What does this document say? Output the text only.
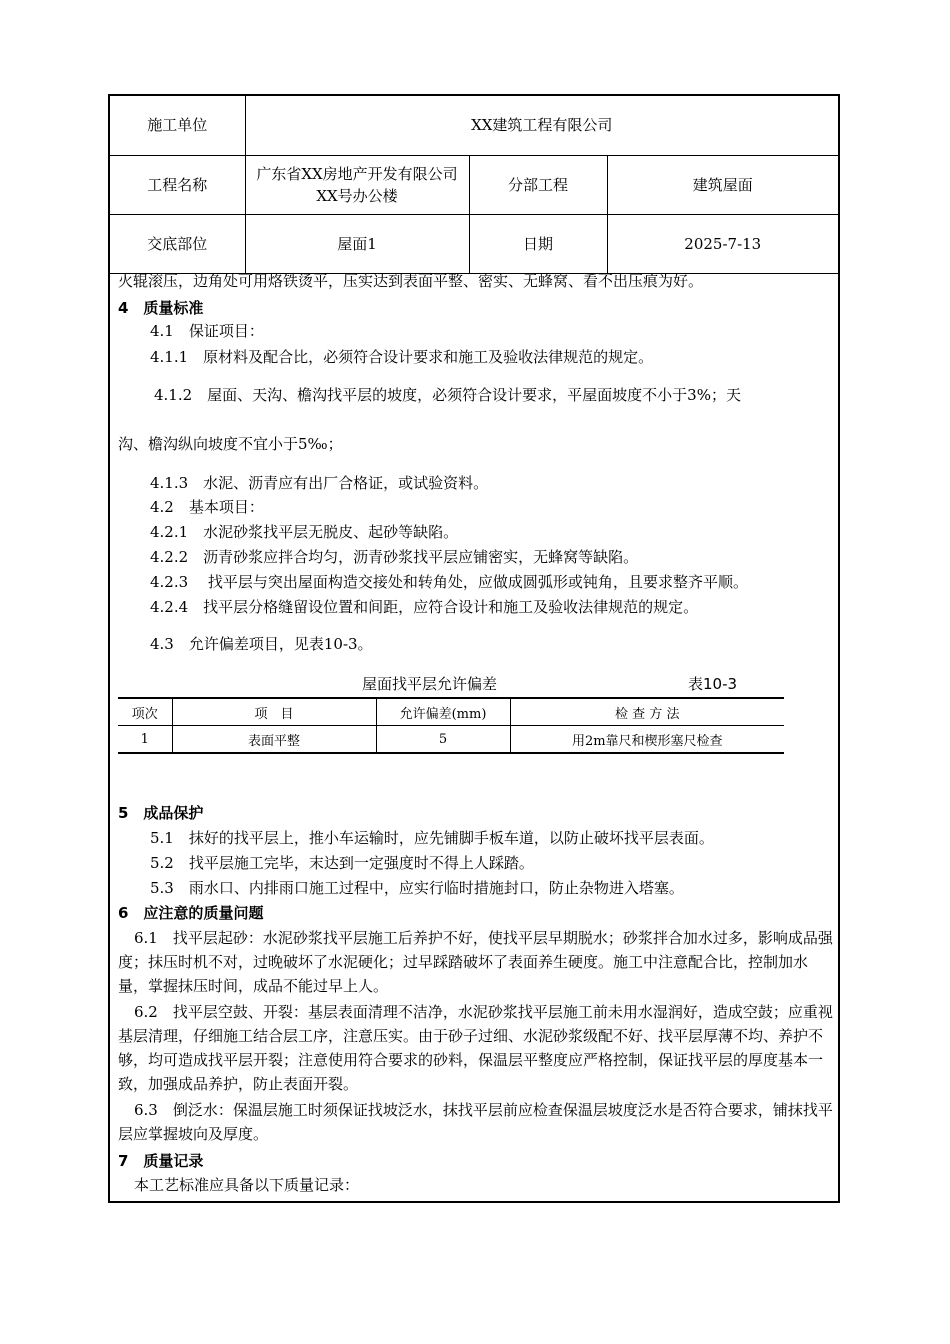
施工单位	XX建筑工程有限公司		
工程名称	广东省XX房地产开发有限公司XX号办公楼	分部工程	建筑屋面
交底部位	屋面1	日期	2025-7-13
火辊滚压，边角处可用烙铁烫平，压实达到表面平整、密实、无蜂窝、看不出压痕为好。
4　质量标准
4.1　保证项目：
4.1.1　原材料及配合比，必须符合设计要求和施工及验收法律规范的规定。
4.1.2　屋面、天沟、檐沟找平层的坡度，必须符合设计要求，平屋面坡度不小于3%；天
沟、檐沟纵向坡度不宜小于5‰；
4.1.3　水泥、沥青应有出厂合格证，或试验资料。
4.2　基本项目：
4.2.1　水泥砂浆找平层无脱皮、起砂等缺陷。
4.2.2　沥青砂浆应拌合均匀，沥青砂浆找平层应铺密实，无蜂窝等缺陷。
4.2.3　 找平层与突出屋面构造交接处和转角处，应做成圆弧形或钝角，且要求整齐平顺。
4.2.4　找平层分格缝留设位置和间距，应符合设计和施工及验收法律规范的规定。
4.3　允许偏差项目，见表10-3。
屋面找平层允许偏差	表10-3
项次	项　目	允许偏差(mm)	检 查 方 法
1	表面平整	5	用2m靠尺和楔形塞尺检查
5　成品保护
5.1　抹好的找平层上，推小车运输时，应先铺脚手板车道，以防止破坏找平层表面。
5.2　找平层施工完毕，末达到一定强度时不得上人踩踏。
5.3　雨水口、内排雨口施工过程中，应实行临时措施封口，防止杂物进入塔塞。
6　应注意的质量问题
6.1　找平层起砂：水泥砂浆找平层施工后养护不好，使找平层早期脱水；砂浆拌合加水过多，影响成品强度；抹压时机不对，过晚破坏了水泥硬化；过早踩踏破坏了表面养生硬度。施工中注意配合比，控制加水量，掌握抹压时间，成品不能过早上人。
6.2　找平层空鼓、开裂：基层表面清理不洁净，水泥砂浆找平层施工前未用水湿润好，造成空鼓；应重视基层清理，仔细施工结合层工序，注意压实。由于砂子过细、水泥砂浆级配不好、找平层厚薄不均、养护不够，均可造成找平层开裂；注意使用符合要求的砂料，保温层平整度应严格控制，保证找平层的厚度基本一致，加强成品养护，防止表面开裂。
6.3　倒泛水：保温层施工时须保证找坡泛水，抹找平层前应检查保温层坡度泛水是否符合要求，铺抹找平层应掌握坡向及厚度。
7　质量记录
本工艺标准应具备以下质量记录：
